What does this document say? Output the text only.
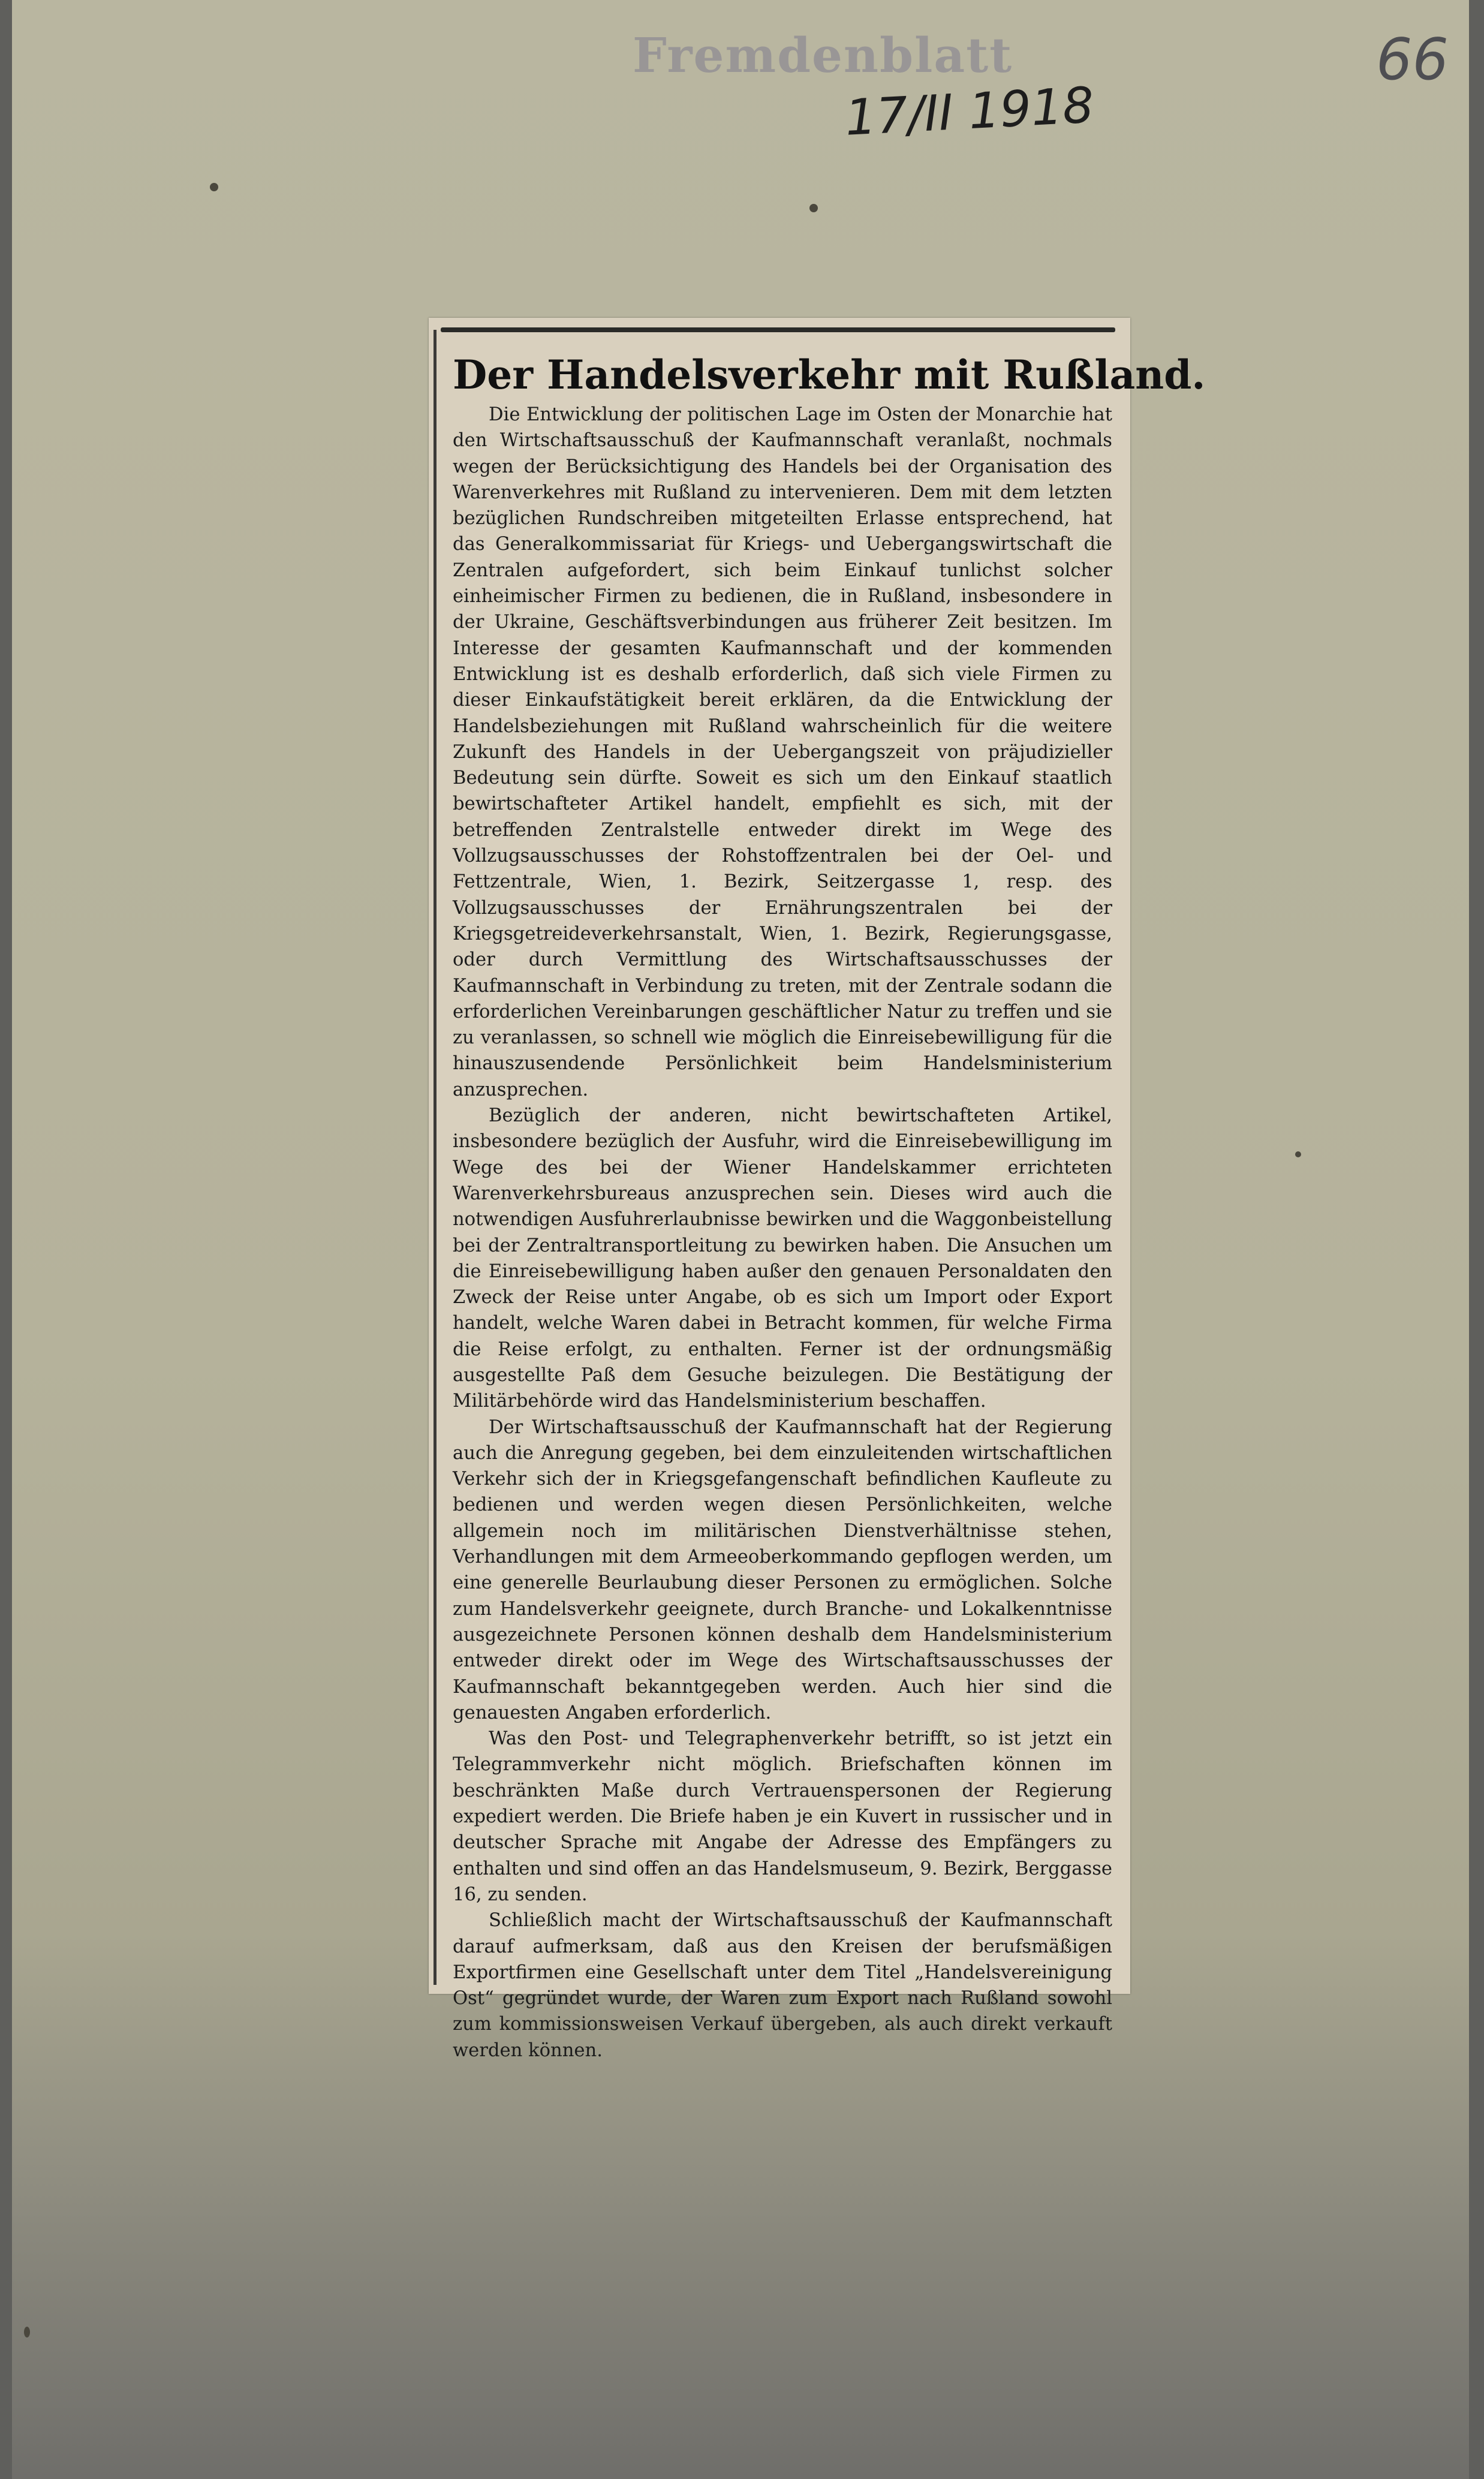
Fremdenblatt
17/II 1918
66
Der Handelsverkehr mit Rußland.

Die Entwicklung der politischen Lage im Osten der Monarchie hat den Wirtschaftsausschuß der Kaufmannschaft veranlaßt, nochmals wegen der Berücksichtigung des Handels bei der Organisation des Warenverkehres mit Rußland zu intervenieren. Dem mit dem letzten bezüglichen Rundschreiben mitgeteilten Erlasse entsprechend, hat das Generalkommissariat für Kriegs- und Uebergangswirtschaft die Zentralen aufgefordert, sich beim Einkauf tunlichst solcher einheimischer Firmen zu bedienen, die in Rußland, insbesondere in der Ukraine, Geschäftsverbindungen aus früherer Zeit besitzen. Im Interesse der gesamten Kaufmannschaft und der kommenden Entwicklung ist es deshalb erforderlich, daß sich viele Firmen zu dieser Einkaufstätigkeit bereit erklären, da die Entwicklung der Handelsbeziehungen mit Rußland wahrscheinlich für die weitere Zukunft des Handels in der Uebergangszeit von präjudizieller Bedeutung sein dürfte. Soweit es sich um den Einkauf staatlich bewirtschafteter Artikel handelt, empfiehlt es sich, mit der betreffenden Zentralstelle entweder direkt im Wege des Vollzugsausschusses der Rohstoffzentralen bei der Oel- und Fettzentrale, Wien, 1. Bezirk, Seitzergasse 1, resp. des Vollzugsausschusses der Ernährungszentralen bei der Kriegsgetreideverkehrsanstalt, Wien, 1. Bezirk, Regierungsgasse, oder durch Vermittlung des Wirtschaftsausschusses der Kaufmannschaft in Verbindung zu treten, mit der Zentrale sodann die erforderlichen Vereinbarungen geschäftlicher Natur zu treffen und sie zu veranlassen, so schnell wie möglich die Einreisebewilligung für die hinauszusendende Persönlichkeit beim Handelsministerium anzusprechen.

Bezüglich der anderen, nicht bewirtschafteten Artikel, insbesondere bezüglich der Ausfuhr, wird die Einreisebewilligung im Wege des bei der Wiener Handelskammer errichteten Warenverkehrsbureaus anzusprechen sein. Dieses wird auch die notwendigen Ausfuhrerlaubnisse bewirken und die Waggonbeistellung bei der Zentraltransportleitung zu bewirken haben. Die Ansuchen um die Einreisebewilligung haben außer den genauen Personaldaten den Zweck der Reise unter Angabe, ob es sich um Import oder Export handelt, welche Waren dabei in Betracht kommen, für welche Firma die Reise erfolgt, zu enthalten. Ferner ist der ordnungsmäßig ausgestellte Paß dem Gesuche beizulegen. Die Bestätigung der Militärbehörde wird das Handelsministerium beschaffen.

Der Wirtschaftsausschuß der Kaufmannschaft hat der Regierung auch die Anregung gegeben, bei dem einzuleitenden wirtschaftlichen Verkehr sich der in Kriegsgefangenschaft befindlichen Kaufleute zu bedienen und werden wegen diesen Persönlichkeiten, welche allgemein noch im militärischen Dienstverhältnisse stehen, Verhandlungen mit dem Armeeoberkommando gepflogen werden, um eine generelle Beurlaubung dieser Personen zu ermöglichen. Solche zum Handelsverkehr geeignete, durch Branche- und Lokalkenntnisse ausgezeichnete Personen können deshalb dem Handelsministerium entweder direkt oder im Wege des Wirtschaftsausschusses der Kaufmannschaft bekanntgegeben werden. Auch hier sind die genauesten Angaben erforderlich.

Was den Post- und Telegraphenverkehr betrifft, so ist jetzt ein Telegrammverkehr nicht möglich. Briefschaften können im beschränkten Maße durch Vertrauenspersonen der Regierung expediert werden. Die Briefe haben je ein Kuvert in russischer und in deutscher Sprache mit Angabe der Adresse des Empfängers zu enthalten und sind offen an das Handelsmuseum, 9. Bezirk, Berggasse 16, zu senden.

Schließlich macht der Wirtschaftsausschuß der Kaufmannschaft darauf aufmerksam, daß aus den Kreisen der berufsmäßigen Exportfirmen eine Gesellschaft unter dem Titel „Handelsvereinigung Ost“ gegründet wurde, der Waren zum Export nach Rußland sowohl zum kommissionsweisen Verkauf übergeben, als auch direkt verkauft werden können.
